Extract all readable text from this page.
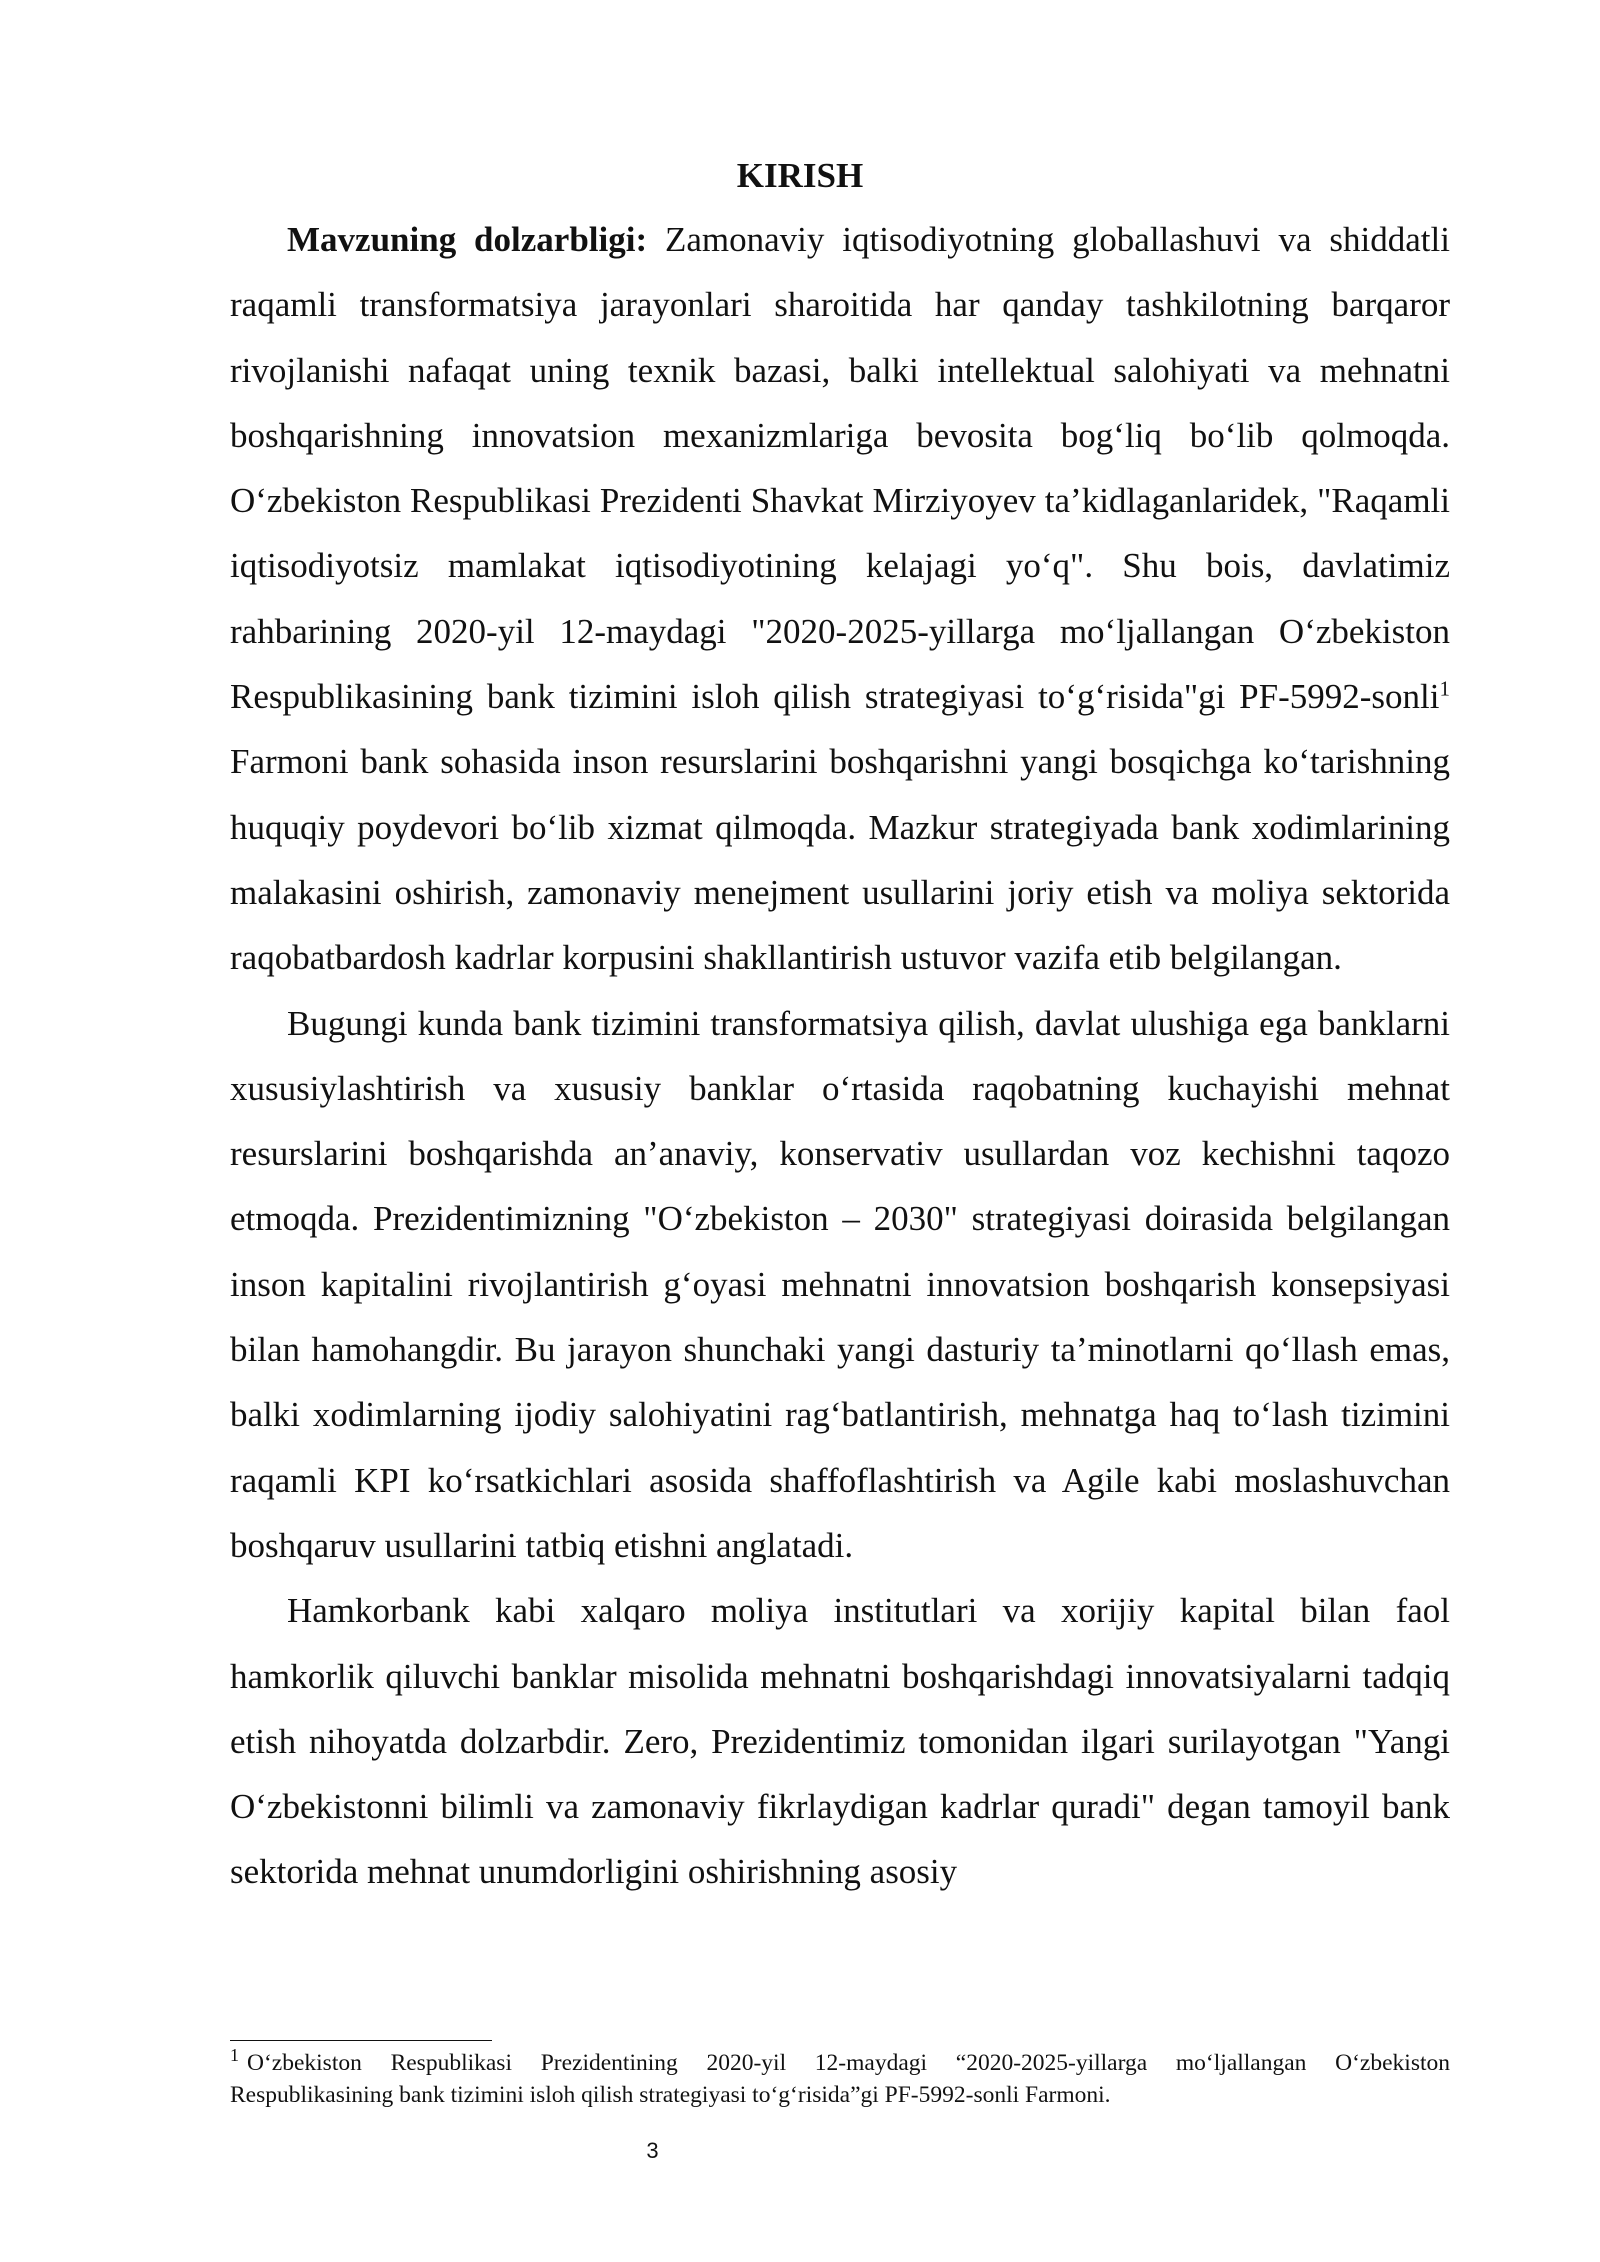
KIRISH

Mavzuning dolzarbligi: Zamonaviy iqtisodiyotning globallashuvi va shiddatli raqamli transformatsiya jarayonlari sharoitida har qanday tashkilotning barqaror rivojlanishi nafaqat uning texnik bazasi, balki intellektual salohiyati va mehnatni boshqarishning innovatsion mexanizmlariga bevosita bog‘liq bo‘lib qolmoqda. O‘zbekiston Respublikasi Prezidenti Shavkat Mirziyoyev ta’kidlaganlaridek, "Raqamli iqtisodiyotsiz mamlakat iqtisodiyotining kelajagi yo‘q". Shu bois, davlatimiz rahbarining 2020-yil 12-maydagi "2020-2025-yillarga mo‘ljallangan O‘zbekiston Respublikasining bank tizimini isloh qilish strategiyasi to‘g‘risida"gi PF-5992-sonli$^1$ Farmoni bank sohasida inson resurslarini boshqarishni yangi bosqichga ko‘tarishning huquqiy poydevori bo‘lib xizmat qilmoqda. Mazkur strategiyada bank xodimlarining malakasini oshirish, zamonaviy menejment usullarini joriy etish va moliya sektorida raqobatbardosh kadrlar korpusini shakllantirish ustuvor vazifa etib belgilangan.

Bugungi kunda bank tizimini transformatsiya qilish, davlat ulushiga ega banklarni xususiylashtirish va xususiy banklar o‘rtasida raqobatning kuchayishi mehnat resurslarini boshqarishda an’anaviy, konservativ usullardan voz kechishni taqozo etmoqda. Prezidentimizning "O‘zbekiston – 2030" strategiyasi doirasida belgilangan inson kapitalini rivojlantirish g‘oyasi mehnatni innovatsion boshqarish konsepsiyasi bilan hamohangdir. Bu jarayon shunchaki yangi dasturiy ta’minotlarni qo‘llash emas, balki xodimlarning ijodiy salohiyatini rag‘batlantirish, mehnatga haq to‘lash tizimini raqamli KPI ko‘rsatkichlari asosida shaffoflashtirish va Agile kabi moslashuvchan boshqaruv usullarini tatbiq etishni anglatadi.

Hamkorbank kabi xalqaro moliya institutlari va xorijiy kapital bilan faol hamkorlik qiluvchi banklar misolida mehnatni boshqarishdagi innovatsiyalarni tadqiq etish nihoyatda dolzarbdir. Zero, Prezidentimiz tomonidan ilgari surilayotgan "Yangi O‘zbekistonni bilimli va zamonaviy fikrlaydigan kadrlar quradi" degan tamoyil bank sektorida mehnat unumdorligini oshirishning asosiy

$^1$ O‘zbekiston Respublikasi Prezidentining 2020-yil 12-maydagi “2020-2025-yillarga mo‘ljallangan O‘zbekiston Respublikasining bank tizimini isloh qilish strategiyasi to‘g‘risida”gi PF-5992-sonli Farmoni.
3
